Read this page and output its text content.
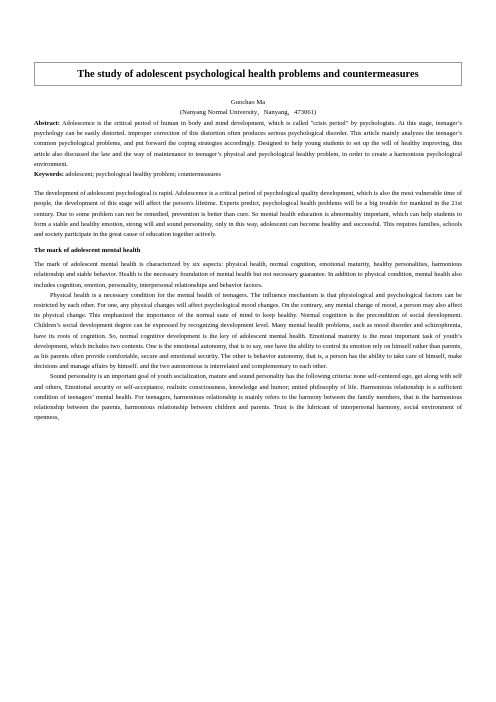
The study of adolescent psychological health problems and countermeasures
Guochao Ma
(Nanyang Normal University，Nanyang，473061)

Abstract: Adolescence is the critical period of human in body and mind development, which is called "crisis period" by psychologists. At this stage, teenager’s psychology can be easily distorted. improper correction of this distortion often produces serious psychological disorder. This article mainly analyzes the teenager’s common psychological problems, and put forward the coping strategies accordingly. Designed to help young students to set up the will of healthy improving, this article also discussed the law and the way of maintenance to teenager’s physical and psychological healthy problem, in order to create a harmonious psychological environment.

Keywords: adolescent; psychological healthy problem; countermeasures

The development of adolescent psychological is rapid. Adolescence is a critical period of psychological quality development, which is also the most vulnerable time of people, the development of this stage will affect the person's lifetime. Experts predict, psychological health problems will be a big trouble for mankind in the 21st century. Due to some problem can not be remedied, prevention is better than cure. So mental health education is abnormality important, which can help students to form a stable and healthy emotion, strong will and sound personality, only in this way, adolescent can become healthy and successful. This requires families, schools and society participate in the great cause of education together actively.

The mark of adolescent mental health

The mark of adolescent mental health is characterized by six aspects: physical health, normal cognition, emotional maturity, healthy personalities, harmonious relationship and stable behavior. Health is the necessary foundation of mental health but not necessary guarantee. In addition to physical condition, mental health also includes cognition, emotion, personality, interpersonal relationships and behavior factors.

Physical health is a necessary condition for the mental health of teenagers. The influence mechanism is that physiological and psychological factors can be restricted by each other. For one, any physical changes will affect psychological mood changes. On the contrary, any mental change of mood, a person may also affect its physical change. This emphasized the importance of the normal state of mind to keep healthy. Normal cognition is the precondition of social development. Children’s social development degree can be expressed by recognizing development level. Many mental health problems, such as mood disorder and schizophrenia, have its roots of cognition. So, normal cognitive development is the key of adolescent mental health. Emotional maturity is the most important task of youth’s development, which includes two contents. One is the emotional autonomy, that is to say, one have the ability to control its emotion rely on himself rather than parents, as his parents often provide comfortable, secure and emotional security. The other is behavior autonomy, that is, a person has the ability to take care of himself, make decisions and manage affairs by himself. and the two autonomous is interrelated and complementary to each other.

Sound personality is an important goal of youth socialization, mature and sound personality has the following criteria: none self-centered ego, get along with self and others, Emotional security or self-acceptance, realistic consciousness, knowledge and humor; united philosophy of life. Harmonious relationship is a sufficient condition of teenagers’ mental health. For teenagers, harmonious relationship is mainly refers to the harmony between the family members, that is the harmonious relationship between the parents, harmonious relationship between children and parents. Trust is the lubricant of interpersonal harmony, social environment of openness,
